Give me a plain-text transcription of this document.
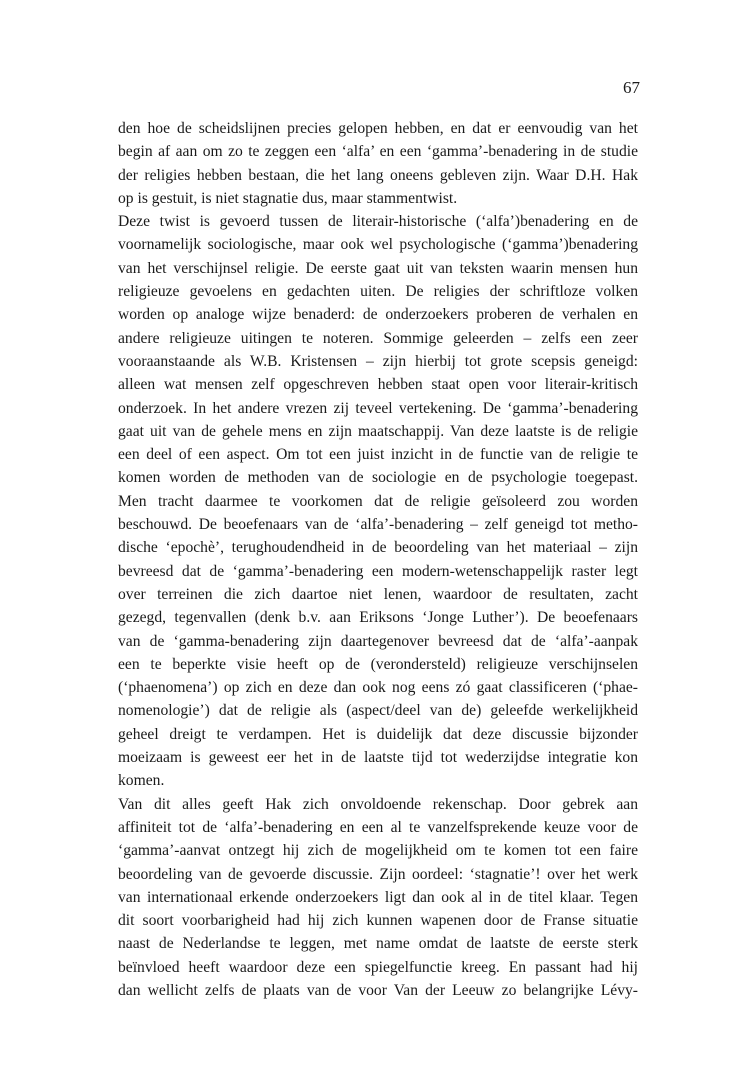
67
den hoe de scheidslijnen precies gelopen hebben, en dat er eenvoudig van het
begin af aan om zo te zeggen een ‘alfa’ en een ‘gamma’-benadering in de studie
der religies hebben bestaan, die het lang oneens gebleven zijn. Waar D.H. Hak
op is gestuit, is niet stagnatie dus, maar stammentwist.
Deze twist is gevoerd tussen de literair-historische (‘alfa’)benadering en de
voornamelijk sociologische, maar ook wel psychologische (‘gamma’)benadering
van het verschijnsel religie. De eerste gaat uit van teksten waarin mensen hun
religieuze gevoelens en gedachten uiten. De religies der schriftloze volken
worden op analoge wijze benaderd: de onderzoekers proberen de verhalen en
andere religieuze uitingen te noteren. Sommige geleerden – zelfs een zeer
vooraanstaande als W.B. Kristensen – zijn hierbij tot grote scepsis geneigd:
alleen wat mensen zelf opgeschreven hebben staat open voor literair-kritisch
onderzoek. In het andere vrezen zij teveel vertekening. De ‘gamma’-benadering
gaat uit van de gehele mens en zijn maatschappij. Van deze laatste is de religie
een deel of een aspect. Om tot een juist inzicht in de functie van de religie te
komen worden de methoden van de sociologie en de psychologie toegepast.
Men tracht daarmee te voorkomen dat de religie geïsoleerd zou worden
beschouwd. De beoefenaars van de ‘alfa’-benadering – zelf geneigd tot metho-
dische ‘epochè’, terughoudendheid in de beoordeling van het materiaal – zijn
bevreesd dat de ‘gamma’-benadering een modern-wetenschappelijk raster legt
over terreinen die zich daartoe niet lenen, waardoor de resultaten, zacht
gezegd, tegenvallen (denk b.v. aan Eriksons ‘Jonge Luther’). De beoefenaars
van de ‘gamma-benadering zijn daartegenover bevreesd dat de ‘alfa’-aanpak
een te beperkte visie heeft op de (verondersteld) religieuze verschijnselen
(‘phaenomena’) op zich en deze dan ook nog eens zó gaat classificeren (‘phae-
nomenologie’) dat de religie als (aspect/deel van de) geleefde werkelijkheid
geheel dreigt te verdampen. Het is duidelijk dat deze discussie bijzonder
moeizaam is geweest eer het in de laatste tijd tot wederzijdse integratie kon
komen.
Van dit alles geeft Hak zich onvoldoende rekenschap. Door gebrek aan
affiniteit tot de ‘alfa’-benadering en een al te vanzelfsprekende keuze voor de
‘gamma’-aanvat ontzegt hij zich de mogelijkheid om te komen tot een faire
beoordeling van de gevoerde discussie. Zijn oordeel: ‘stagnatie’! over het werk
van internationaal erkende onderzoekers ligt dan ook al in de titel klaar. Tegen
dit soort voorbarigheid had hij zich kunnen wapenen door de Franse situatie
naast de Nederlandse te leggen, met name omdat de laatste de eerste sterk
beïnvloed heeft waardoor deze een spiegelfunctie kreeg. En passant had hij
dan wellicht zelfs de plaats van de voor Van der Leeuw zo belangrijke Lévy-
